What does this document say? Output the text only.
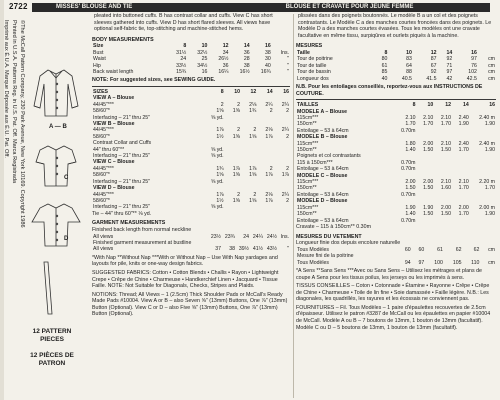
2722	MISSES' BLOUSE AND TIE	BLOUSE ET CRAVATE POUR JEUNE FEMME
©The McCall Pattern Company, 230 Park Avenue, New York 10169. Copyright 1986
Printed in U.S.A. Patterns Reg. in U.S. Pat. Off. Marca Registrada
Imprimé aux É.U.A. Marque Déposée aux É.U. Pat. Off.	A — B
C
D
12 PATTERN PIECES
12 PIÈCES DE PATRON
pleated into buttoned cuffs. B has contrast collar and cuffs. View C has short sleeves gathered into cuffs. View D has short flared sleeves. All views have optional self-fabric tie, top-stitching and machine-stitched hems.
BODY MEASUREMENTS
Size	8	10	12	14	16	
Bust	31½	32½	34	36	38	Ins.
Waist	24	25	26½	28	30	"
Hip	33½	34½	36	38	40	"
Back waist length	15¾	16	16¼	16½	16¾	"
NOTE: For suggested sizes, see SEWING GUIDE.
SIZES	8	10	12	14	16
VIEW A – Blouse					
44/45"***	2	2	2⅛	2¼	2¼
58/60"*	1⅝	1⅝	1¾	2	2
Interfacing – 21" thru 25"	⅝ yd.				
VIEW B – Blouse					
44/45"***	1⅞	2	2	2⅛	2¼
58/60"*	1½	1⅝	1⅝	1⅞	2
Contrast Collar and Cuffs					
44" thru 60"**	⅝ yd.				
Interfacing – 21" thru 25"	⅝ yd.				
VIEW C – Blouse					
44/45"***	1¾	1⅞	1⅞	2	2
58/60"*	1⅝	1⅝	1⅝	1⅞	1⅞
Interfacing – 21" thru 25"	⅝ yd.				
VIEW D – Blouse					
44/45"***	1⅞	2	2	2⅛	2¼
58/60"*	1½	1⅝	1⅝	1⅞	2
Interfacing – 21" thru 25"	⅝ yd.				
Tie – 44" thru 60"** ⅛ yd.
GARMENT MEASUREMENTS
Finished back length from normal neckline
All views	23½	23¾	24	24¼	24½	Ins.
Finished garment measurement at bustline						
All views	37	38	39½	41½	43½	"
*With Nap **Without Nap ***With or Without Nap – Use With Nap yardages and layouts for pile, knits or one-way design fabrics.
SUGGESTED FABRICS: Cotton • Cotton Blends • Challis • Rayon • Lightweight Crepe • Crêpe de Chine • Charmeuse • Handkerchief Linen • Jacquard • Tissue Faille. NOTE: Not Suitable for Diagonals, Checks, Stripes and Plaids.
NOTIONS: Thread; All Views – 1 (2.5cm) Thick Shoulder Pads or McCall's Ready Made Pads #10004. View A or B – also Seven ⅝" (13mm) Buttons, One ⅞" (13mm) Button (Optional). View C or D – also Five ⅝" (13mm) Buttons, One ⅞" (13mm) Button (Optional).
plissées dans des poignets boutonnés. Le modèle B a un col et des poignets contrastants. Le Modèle C a des manches courtes froncées dans des poignets. Le Modèle D a des manches courtes évasées. Tous les modèles ont une cravate facultative en même tissu, surpiqûres et ourlets piqués à la machine.
MESURES
Taille	8	10	12	14	16	
Tour de poitrine	80	83	87	92	97	cm
Tour de taille	61	64	67	71	76	cm
Tour de bassin	85	88	92	97	102	cm
Longueur dos	40	40.5	41.5	42	42.5	cm
N.B. Pour les entoilages conseillés, reportez-vous aux INSTRUCTIONS DE COUTURE.
TAILLES	8	10	12	14	16
MODELE A – Blouse					
115cm***	2.10	2.10	2.10	2.40	2.40 m
150cm**	1.70	1.70	1.70	1.90	1.90
Entoilage – 53 à 64cm	0.70m				
MODELE B – Blouse					
115cm***	1.80	2.00	2.10	2.40	2.40 m
150cm**	1.40	1.50	1.50	1.70	1.90
Poignets et col contrastants					
115 à 150cm***	0.70m				
Entoilage – 53 à 64cm	0.70m				
MODELE C – Blouse					
115cm***	2.00	2.00	2.10	2.10	2.20 m
150cm**	1.50	1.50	1.60	1.70	1.70
Entoilage – 53 à 64cm	0.70m				
MODELE D – Blouse					
115cm***	1.90	1.90	2.00	2.00	2.00 m
150cm**	1.40	1.50	1.50	1.70	1.90
Entoilage – 53 à 64cm	0.70m				
Cravate – 115 à 150cm** 0.30m
MESURES DU VETEMENT
Longueur finie dos depuis encolure naturelle
Tous Modèles	60	60	61	62	62	cm
Mesure fini de la poitrine						
Tous Modèles	94	97	100	105	110	cm
*A Sens **Sans Sens ***Avec ou Sans Sens – Utilisez les métrages et plans de coupe A Sens pour les tissus poilus, les jerseys ou les imprimés à sens.
TISSUS CONSEILLES – Coton • Cotonnade • Étamine • Rayonne • Crêpe • Crêpe de Chine • Charmeuse • Toile de lin fine • Soie damassée • Faille légère. N.B.: Les diagonales, les quadrillés, les rayures et les écossais ne conviennent pas.
FOURNITURES – Fil. Tous Modèles – 1 paire d'épaulettes recouvertes de 2.5cm d'épaisseur. Utilisez le patron #3287 de McCall ou les épaulettes en papier #10004 de McCall. Modèle A ou B – 7 boutons de 13mm, 1 bouton de 13mm (facultatif). Modèle C ou D – 5 boutons de 13mm, 1 bouton de 13mm (facultatif).
